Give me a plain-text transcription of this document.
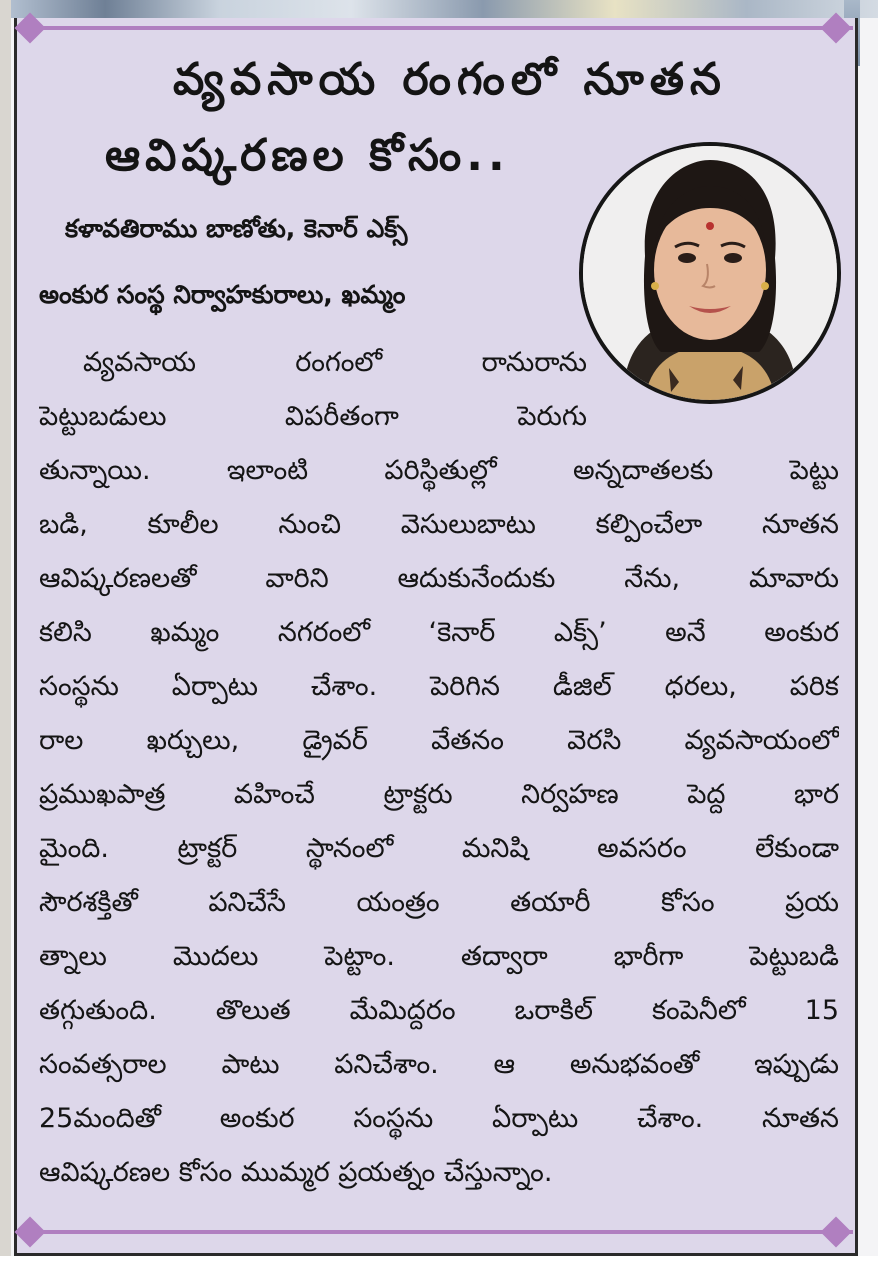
వ్యవసాయ రంగంలో నూతన
ఆవిష్కరణల కోసం..

కళావతిరాము బాణోతు, కెనార్ ఎక్స్

అంకుర సంస్థ నిర్వాహకురాలు, ఖమ్మం

వ్యవసాయ రంగంలో రానురాను
పెట్టుబడులు విపరీతంగా పెరుగు
తున్నాయి. ఇలాంటి పరిస్థితుల్లో అన్నదాతలకు పెట్టు
బడి, కూలీల నుంచి వెసులుబాటు కల్పించేలా నూతన
ఆవిష్కరణలతో వారిని ఆదుకునేందుకు నేను, మావారు
కలిసి ఖమ్మం నగరంలో ‘కెనార్ ఎక్స్’ అనే అంకుర
సంస్థను ఏర్పాటు చేశాం. పెరిగిన డీజిల్ ధరలు, పరిక
రాల ఖర్చులు, డ్రైవర్ వేతనం వెరసి వ్యవసాయంలో
ప్రముఖపాత్ర వహించే ట్రాక్టరు నిర్వహణ పెద్ద భార
మైంది. ట్రాక్టర్ స్థానంలో మనిషి అవసరం లేకుండా
సౌరశక్తితో పనిచేసే యంత్రం తయారీ కోసం ప్రయ
త్నాలు మొదలు పెట్టాం. తద్వారా భారీగా పెట్టుబడి
తగ్గుతుంది. తొలుత మేమిద్దరం ఒరాకిల్ కంపెనీలో 15
సంవత్సరాల పాటు పనిచేశాం. ఆ అనుభవంతో ఇప్పుడు
25మందితో అంకుర సంస్థను ఏర్పాటు చేశాం. నూతన
ఆవిష్కరణల కోసం ముమ్మర ప్రయత్నం చేస్తున్నాం.
